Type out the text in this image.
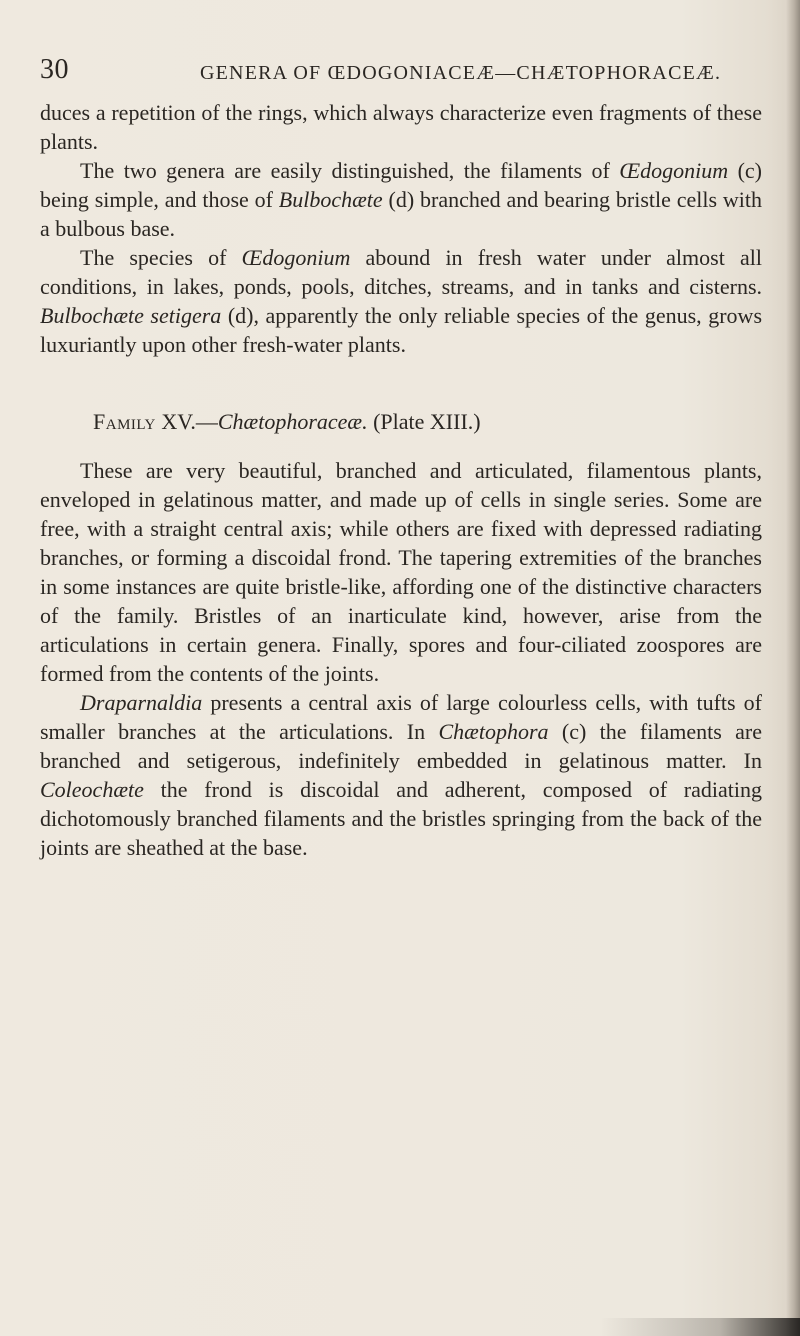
30	GENERA OF ŒDOGONIACEÆ—CHÆTOPHORACEÆ.

duces a repetition of the rings, which always characterize even fragments of these plants.

The two genera are easily distinguished, the filaments of Œdogonium (c) being simple, and those of Bulbochæte (d) branched and bearing bristle cells with a bulbous base.

The species of Œdogonium abound in fresh water under almost all conditions, in lakes, ponds, pools, ditches, streams, and in tanks and cisterns. Bulbochæte setigera (d), apparently the only reliable species of the genus, grows luxuriantly upon other fresh-water plants.

Family XV.—Chætophoraceæ. (Plate XIII.)

These are very beautiful, branched and articulated, filamentous plants, enveloped in gelatinous matter, and made up of cells in single series. Some are free, with a straight central axis; while others are fixed with depressed radiating branches, or forming a discoidal frond. The tapering extremities of the branches in some instances are quite bristle-like, affording one of the distinctive characters of the family. Bristles of an inarticulate kind, however, arise from the articulations in certain genera. Finally, spores and four-ciliated zoospores are formed from the contents of the joints.

Draparnaldia presents a central axis of large colourless cells, with tufts of smaller branches at the articulations. In Chætophora (c) the filaments are branched and setigerous, indefinitely embedded in gelatinous matter. In Coleochæte the frond is discoidal and adherent, composed of radiating dichotomously branched filaments and the bristles springing from the back of the joints are sheathed at the base.
